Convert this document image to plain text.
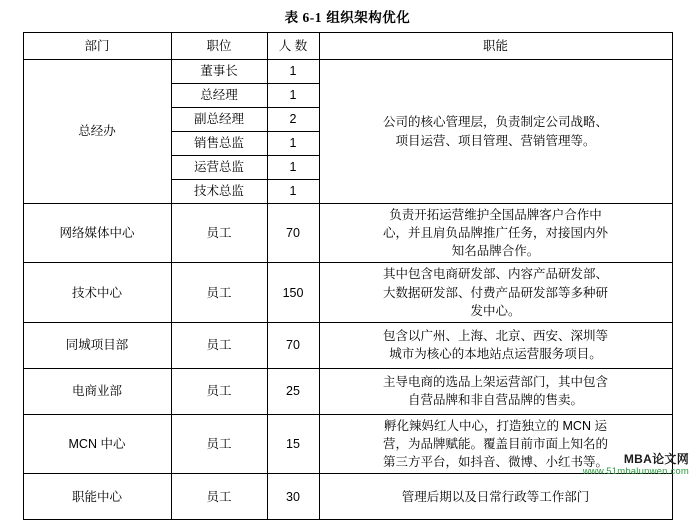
表 6-1 组织架构优化
部门	职位	人 数	职能
总经办	董事长	1	公司的核心管理层，负责制定公司战略、
项目运营、项目管理、营销管理等。

	总经理	1	
	副总经理	2	
	销售总监	1	
	运营总监	1	
	技术总监	1	
网络媒体中心	员工	70	负责开拓运营维护全国品牌客户合作中
心，并且肩负品牌推广任务，对接国内外
知名品牌合作。

技术中心	员工	150	其中包含电商研发部、内容产品研发部、
大数据研发部、付费产品研发部等多种研
发中心。

同城项目部	员工	70	包含以广州、上海、北京、西安、深圳等
城市为核心的本地站点运营服务项目。

电商业部	员工	25	主导电商的选品上架运营部门，其中包含
自营品牌和非自营品牌的售卖。

MCN 中心	员工	15	孵化辣妈红人中心，打造独立的 MCN 运
营，为品牌赋能。覆盖目前市面上知名的
第三方平台，如抖音、微博、小红书等。

职能中心	员工	30	管理后期以及日常行政等工作部门
MBA论文网
www.51mbalunwen.com
